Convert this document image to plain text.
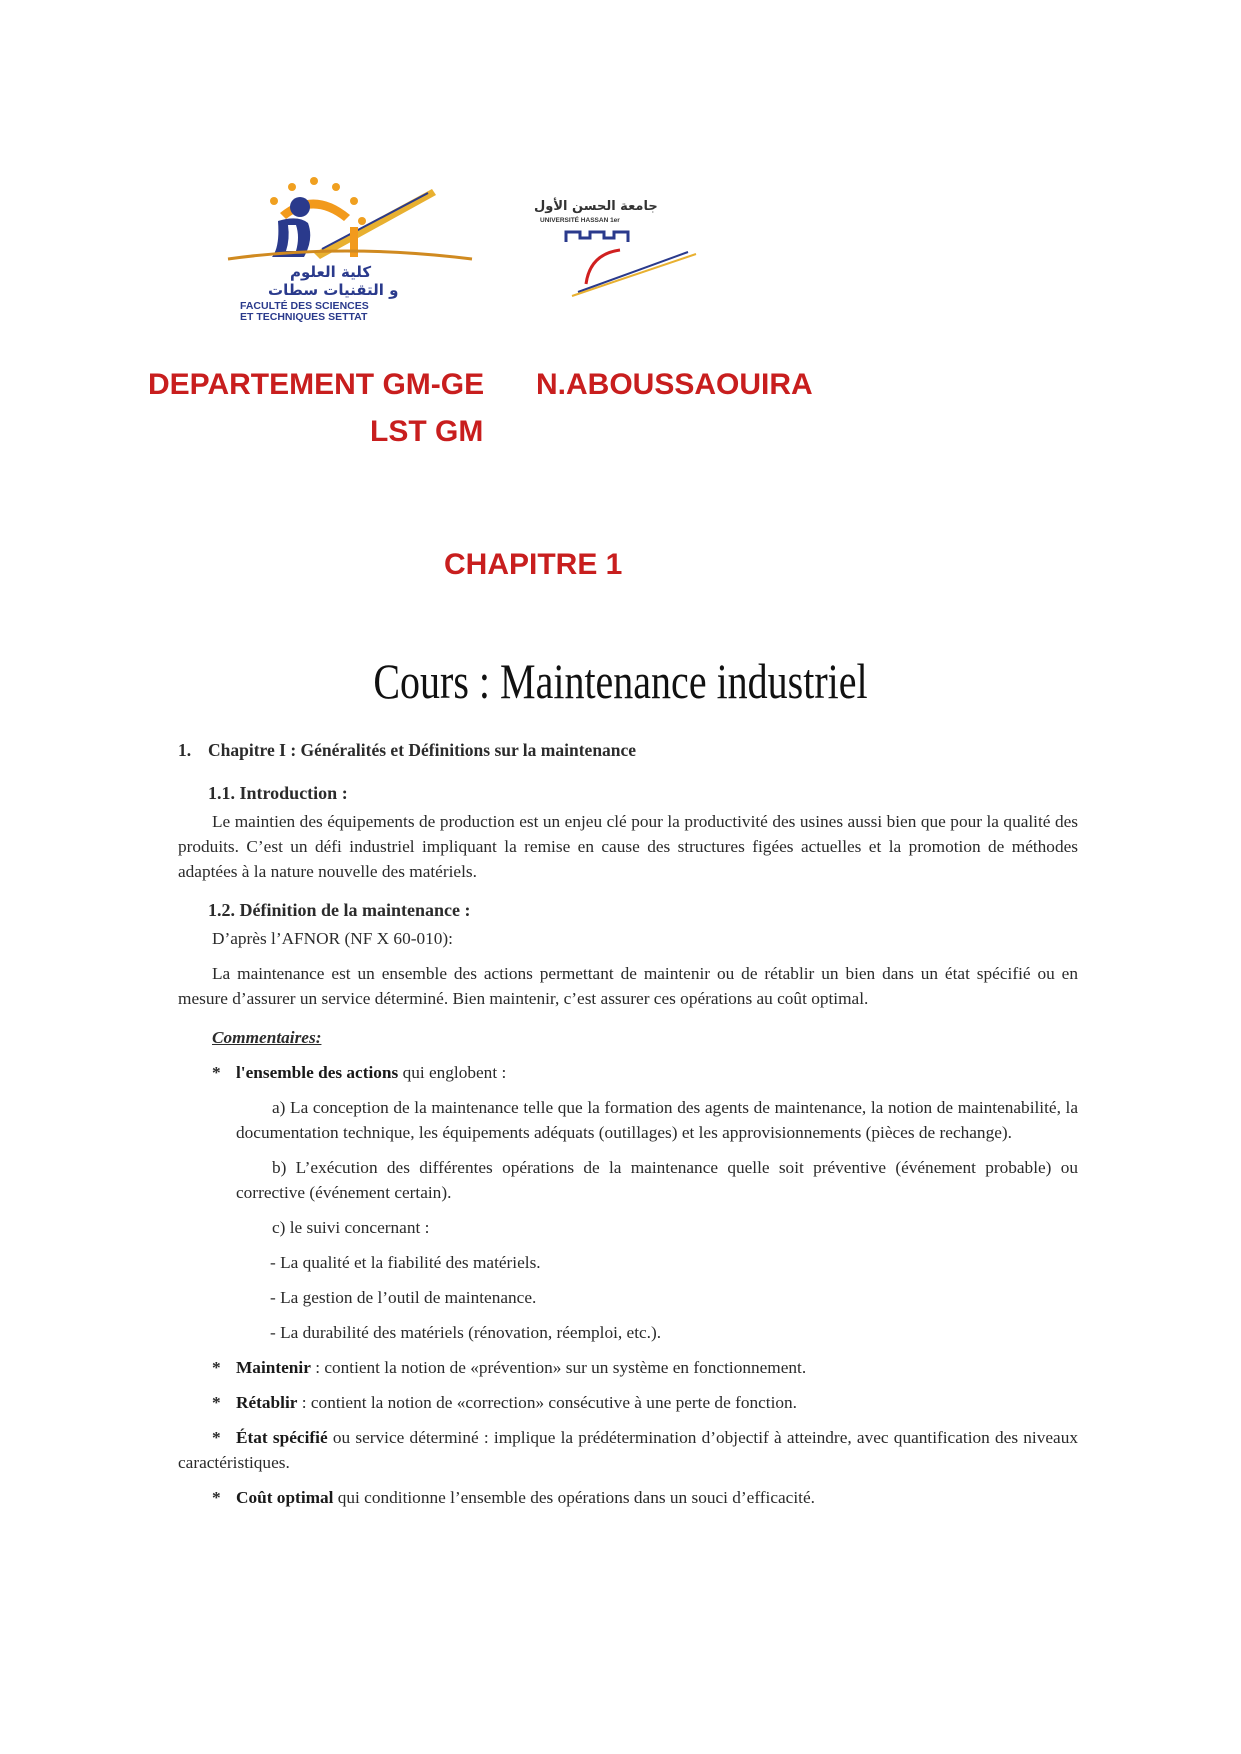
كلية العلوم
و التقنيات سطات
FACULTÉ DES SCIENCES
ET TECHNIQUES SETTAT
جامعة الحسن الأول
UNIVERSITÉ HASSAN 1er
DEPARTEMENT GM-GE N.ABOUSSAOUIRA
LST GM
CHAPITRE 1
Cours : Maintenance industriel

1. Chapitre I : Généralités et Définitions sur la maintenance

1.1. Introduction :

Le maintien des équipements de production est un enjeu clé pour la productivité des usines aussi bien que pour la qualité des produits. C’est un défi industriel impliquant la remise en cause des structures figées actuelles et la promotion de méthodes adaptées à la nature nouvelle des matériels.

1.2. Définition de la maintenance :

D’après l’AFNOR (NF X 60-010):

La maintenance est un ensemble des actions permettant de maintenir ou de rétablir un bien dans un état spécifié ou en mesure d’assurer un service déterminé. Bien maintenir, c’est assurer ces opérations au coût optimal.

Commentaires:

* l'ensemble des actions qui englobent :

a) La conception de la maintenance telle que la formation des agents de maintenance, la notion de maintenabilité, la documentation technique, les équipements adéquats (outillages) et les approvisionnements (pièces de rechange).

b) L’exécution des différentes opérations de la maintenance quelle soit préventive (événement probable) ou corrective (événement certain).

c) le suivi concernant :

- La qualité et la fiabilité des matériels.

- La gestion de l’outil de maintenance.

- La durabilité des matériels (rénovation, réemploi, etc.).

* Maintenir : contient la notion de «prévention» sur un système en fonctionnement.

* Rétablir : contient la notion de «correction» consécutive à une perte de fonction.

* État spécifié ou service déterminé : implique la prédétermination d’objectif à atteindre, avec quantification des niveaux caractéristiques.

* Coût optimal qui conditionne l’ensemble des opérations dans un souci d’efficacité.
